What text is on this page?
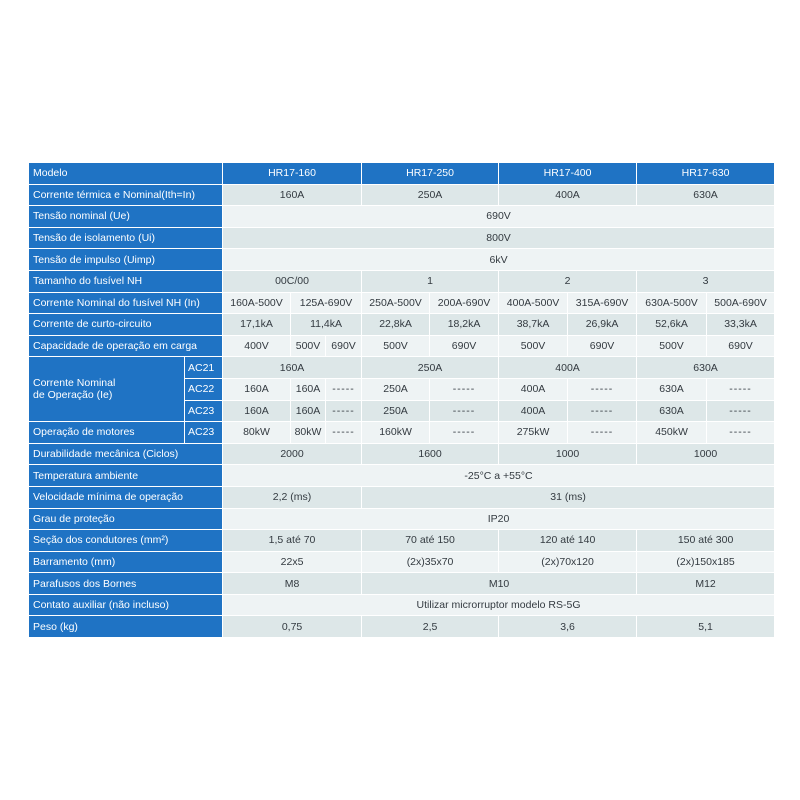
Modelo		HR17-160			HR17-250		HR17-400		HR17-630	
Corrente térmica e Nominal(Ith=In)		160A			250A		400A		630A	
Tensão nominal (Ue)		690V								
Tensão de isolamento (Ui)		800V								
Tensão de impulso (Uimp)		6kV								
Tamanho do fusível NH		00C/00			1		2		3	
Corrente Nominal do fusível NH (In)		160A-500V	125A-690V		250A-500V	200A-690V	400A-500V	315A-690V	630A-500V	500A-690V
Corrente de curto-circuito		17,1kA	11,4kA		22,8kA	18,2kA	38,7kA	26,9kA	52,6kA	33,3kA
Capacidade de operação em carga		400V	500V	690V	500V	690V	500V	690V	500V	690V

Corrente Nominal
de Operação (Ie)	AC21	160A			250A		400A		630A	
	AC22	160A	160A	-----	250A	-----	400A	-----	630A	-----
	AC23	160A	160A	-----	250A	-----	400A	-----	630A	-----
Operação de motores	AC23	80kW	80kW	-----	160kW	-----	275kW	-----	450kW	-----
Durabilidade mecânica (Ciclos)		2000			1600		1000		1000	
Temperatura ambiente		-25°C a +55°C								
Velocidade mínima de operação		2,2 (ms)			31 (ms)					
Grau de proteção		IP20								
Seção dos condutores (mm²)		1,5 até 70			70 até 150		120 até 140		150 até 300	
Barramento (mm)		22x5			(2x)35x70		(2x)70x120		(2x)150x185	
Parafusos dos Bornes		M8			M10				M12	
Contato auxiliar (não incluso)		Utilizar microrruptor modelo RS-5G								
Peso (kg)		0,75			2,5		3,6		5,1	
